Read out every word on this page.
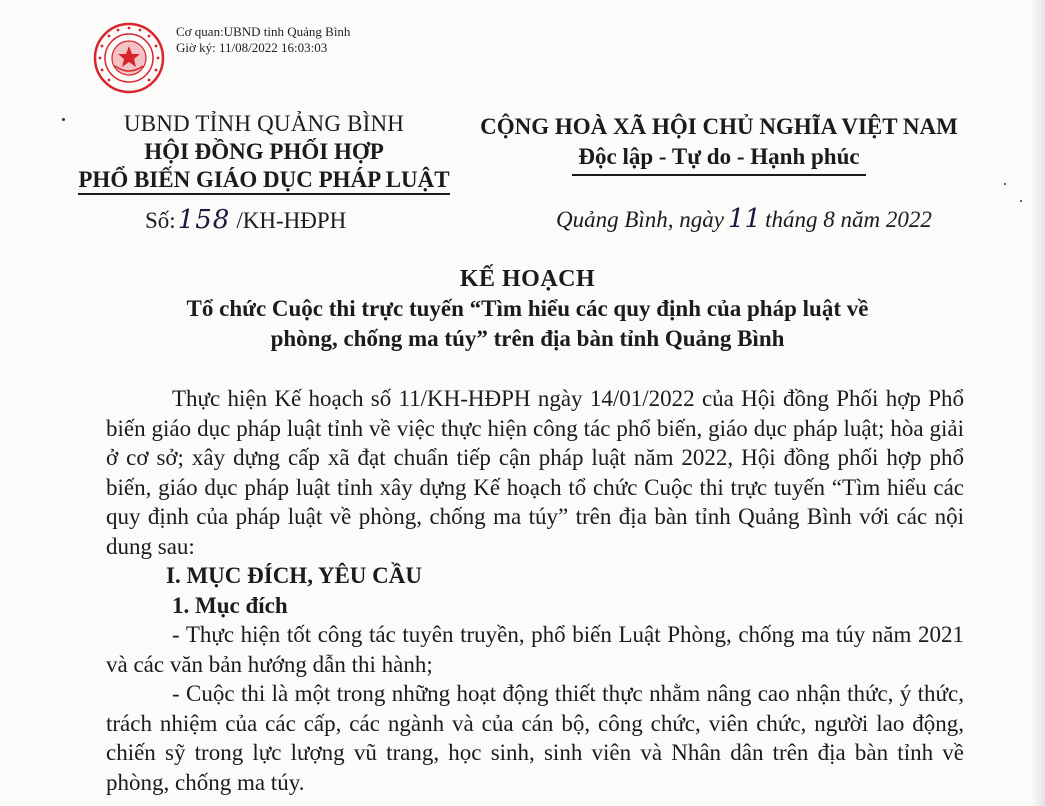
Cơ quan:UBND tỉnh Quảng Bình
Giờ ký: 11/08/2022 16:03:03
UBND TỈNH QUẢNG BÌNH
HỘI ĐỒNG PHỐI HỢP
PHỔ BIẾN GIÁO DỤC PHÁP LUẬT
Số: 158 /KH-HĐPH
CỘNG HOÀ XÃ HỘI CHỦ NGHĨA VIỆT NAM
Độc lập - Tự do - Hạnh phúc
Quảng Bình, ngày 11 tháng 8 năm 2022
KẾ HOẠCH
Tổ chức Cuộc thi trực tuyến “Tìm hiểu các quy định của pháp luật về
phòng, chống ma túy” trên địa bàn tỉnh Quảng Bình

Thực hiện Kế hoạch số 11/KH-HĐPH ngày 14/01/2022 của Hội đồng Phối hợp Phổ biến giáo dục pháp luật tỉnh về việc thực hiện công tác phổ biến, giáo dục pháp luật; hòa giải ở cơ sở; xây dựng cấp xã đạt chuẩn tiếp cận pháp luật năm 2022, Hội đồng phối hợp phổ biến, giáo dục pháp luật tỉnh xây dựng Kế hoạch tổ chức Cuộc thi trực tuyến “Tìm hiểu các quy định của pháp luật về phòng, chống ma túy” trên địa bàn tỉnh Quảng Bình với các nội dung sau:

I. MỤC ĐÍCH, YÊU CẦU

1. Mục đích

- Thực hiện tốt công tác tuyên truyền, phổ biến Luật Phòng, chống ma túy năm 2021 và các văn bản hướng dẫn thi hành;

- Cuộc thi là một trong những hoạt động thiết thực nhằm nâng cao nhận thức, ý thức, trách nhiệm của các cấp, các ngành và của cán bộ, công chức, viên chức, người lao động, chiến sỹ trong lực lượng vũ trang, học sinh, sinh viên và Nhân dân trên địa bàn tỉnh về phòng, chống ma túy.
